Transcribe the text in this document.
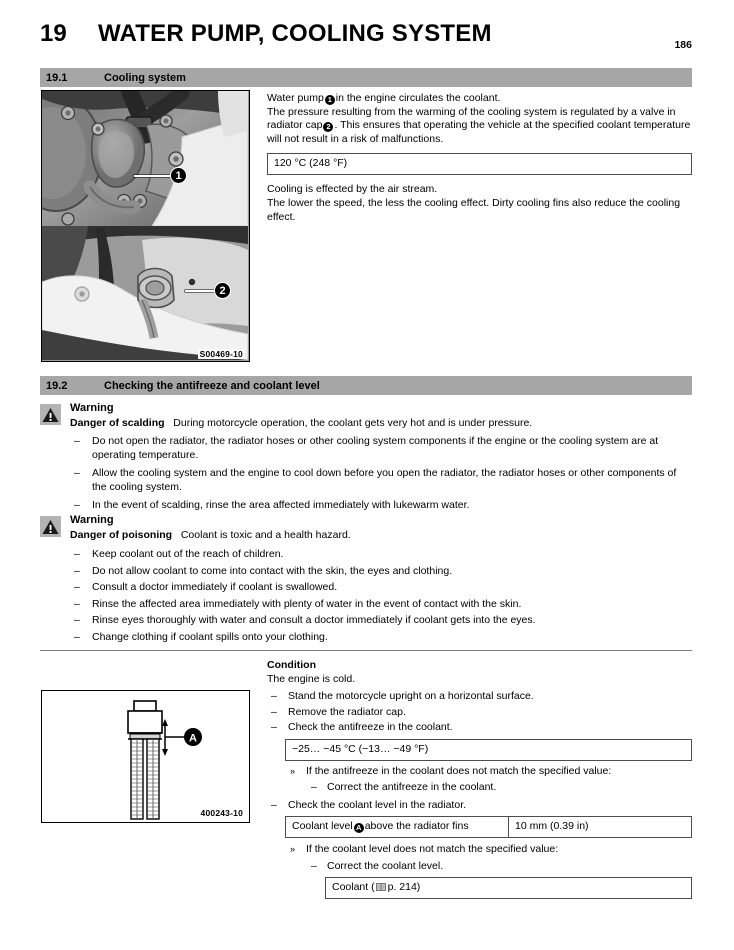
19	WATER PUMP, COOLING SYSTEM	186
19.1	Cooling system
1
2
S00469-10

Water pump 1 in the engine circulates the coolant.

The pressure resulting from the warming of the cooling system is regulated by a valve in radiator cap 2 . This ensures that operating the vehicle at the specified coolant temperature will not result in a risk of malfunctions.

120 °C (248 °F)

Cooling is effected by the air stream.

The lower the speed, the less the cooling effect. Dirty cooling fins also reduce the cooling effect.

19.2	Checking the antifreeze and coolant level
Warning
Danger of scalding During motorcycle operation, the coolant gets very hot and is under pressure.
– Do not open the radiator, the radiator hoses or other cooling system components if the engine or the cooling system are at operating temperature.
– Allow the cooling system and the engine to cool down before you open the radiator, the radiator hoses or other components of the cooling system.
– In the event of scalding, rinse the area affected immediately with lukewarm water.
Warning
Danger of poisoning Coolant is toxic and a health hazard.
– Keep coolant out of the reach of children.
– Do not allow coolant to come into contact with the skin, the eyes and clothing.
– Consult a doctor immediately if coolant is swallowed.
– Rinse the affected area immediately with plenty of water in the event of contact with the skin.
– Rinse eyes thoroughly with water and consult a doctor immediately if coolant gets into the eyes.
– Change clothing if coolant spills onto your clothing.
A
400243-10
Condition
The engine is cold.
– Stand the motorcycle upright on a horizontal surface.
– Remove the radiator cap.
– Check the antifreeze in the coolant.
−25… −45 °C (−13… −49 °F)
» If the antifreeze in the coolant does not match the specified value:
– Correct the antifreeze in the coolant.
– Check the coolant level in the radiator.
Coolant level A above the radiator fins	10 mm (0.39 in)
» If the coolant level does not match the specified value:
– Correct the coolant level.
Coolant ( p. 214)
